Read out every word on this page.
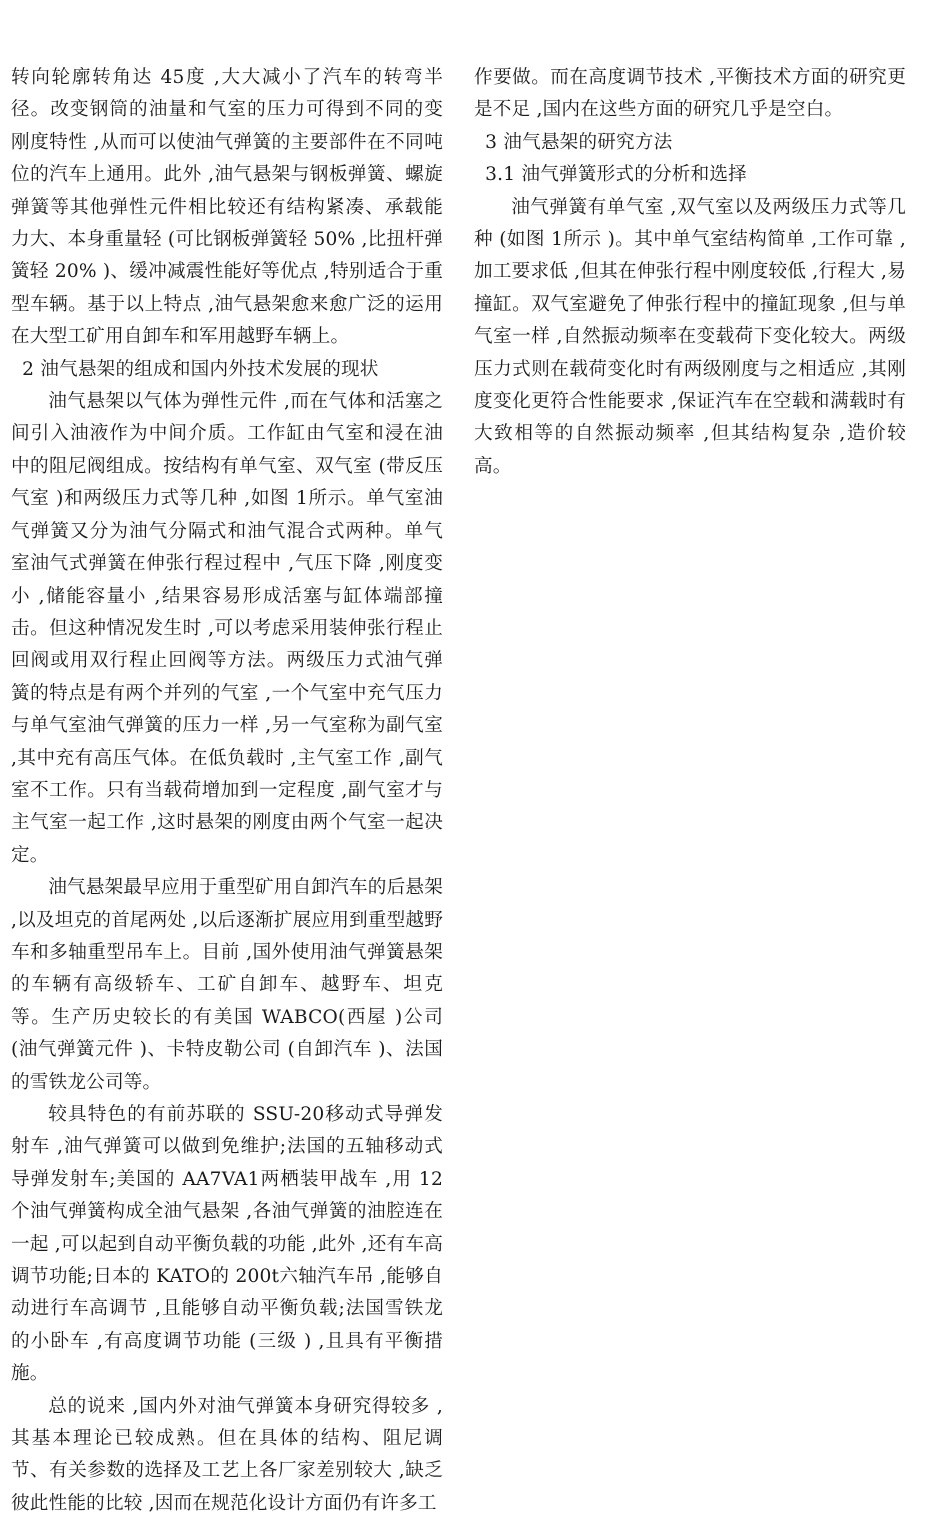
转向轮廓转角达 45度 ,大大减小了汽车的转弯半径。改变钢筒的油量和气室的压力可得到不同的变刚度特性 ,从而可以使油气弹簧的主要部件在不同吨位的汽车上通用。此外 ,油气悬架与钢板弹簧、螺旋弹簧等其他弹性元件相比较还有结构紧凑、承载能力大、本身重量轻 (可比钢板弹簧轻 50% ,比扭杆弹簧轻 20% )、缓冲减震性能好等优点 ,特别适合于重型车辆。基于以上特点 ,油气悬架愈来愈广泛的运用在大型工矿用自卸车和军用越野车辆上。

2 油气悬架的组成和国内外技术发展的现状

油气悬架以气体为弹性元件 ,而在气体和活塞之间引入油液作为中间介质。工作缸由气室和浸在油中的阻尼阀组成。按结构有单气室、双气室 (带反压气室 )和两级压力式等几种 ,如图 1所示。单气室油气弹簧又分为油气分隔式和油气混合式两种。单气室油气式弹簧在伸张行程过程中 ,气压下降 ,刚度变小 ,储能容量小 ,结果容易形成活塞与缸体端部撞击。但这种情况发生时 ,可以考虑采用装伸张行程止回阀或用双行程止回阀等方法。两级压力式油气弹簧的特点是有两个并列的气室 ,一个气室中充气压力与单气室油气弹簧的压力一样 ,另一气室称为副气室 ,其中充有高压气体。在低负载时 ,主气室工作 ,副气室不工作。只有当载荷增加到一定程度 ,副气室才与主气室一起工作 ,这时悬架的刚度由两个气室一起决定。

油气悬架最早应用于重型矿用自卸汽车的后悬架 ,以及坦克的首尾两处 ,以后逐渐扩展应用到重型越野车和多轴重型吊车上。目前 ,国外使用油气弹簧悬架的车辆有高级轿车、工矿自卸车、越野车、坦克等。生产历史较长的有美国 WABCO(西屋 )公司 (油气弹簧元件 )、卡特皮勒公司 (自卸汽车 )、法国的雪铁龙公司等。

较具特色的有前苏联的 SSU-20移动式导弹发射车 ,油气弹簧可以做到免维护;法国的五轴移动式导弹发射车;美国的 AA7VA1两栖装甲战车 ,用 12个油气弹簧构成全油气悬架 ,各油气弹簧的油腔连在一起 ,可以起到自动平衡负载的功能 ,此外 ,还有车高调节功能;日本的 KATO的 200t六轴汽车吊 ,能够自动进行车高调节 ,且能够自动平衡负载;法国雪铁龙的小卧车 ,有高度调节功能 (三级 ) ,且具有平衡措施。

总的说来 ,国内外对油气弹簧本身研究得较多 ,其基本理论已较成熟。但在具体的结构、阻尼调节、有关参数的选择及工艺上各厂家差别较大 ,缺乏彼此性能的比较 ,因而在规范化设计方面仍有许多工

作要做。而在高度调节技术 ,平衡技术方面的研究更是不足 ,国内在这些方面的研究几乎是空白。

3 油气悬架的研究方法

3.1 油气弹簧形式的分析和选择

油气弹簧有单气室 ,双气室以及两级压力式等几种 (如图 1所示 )。其中单气室结构简单 ,工作可靠 ,加工要求低 ,但其在伸张行程中刚度较低 ,行程大 ,易撞缸。双气室避免了伸张行程中的撞缸现象 ,但与单气室一样 ,自然振动频率在变载荷下变化较大。两级压力式则在载荷变化时有两级刚度与之相适应 ,其刚度变化更符合性能要求 ,保证汽车在空载和满载时有大致相等的自然振动频率 ,但其结构复杂 ,造价较高。
